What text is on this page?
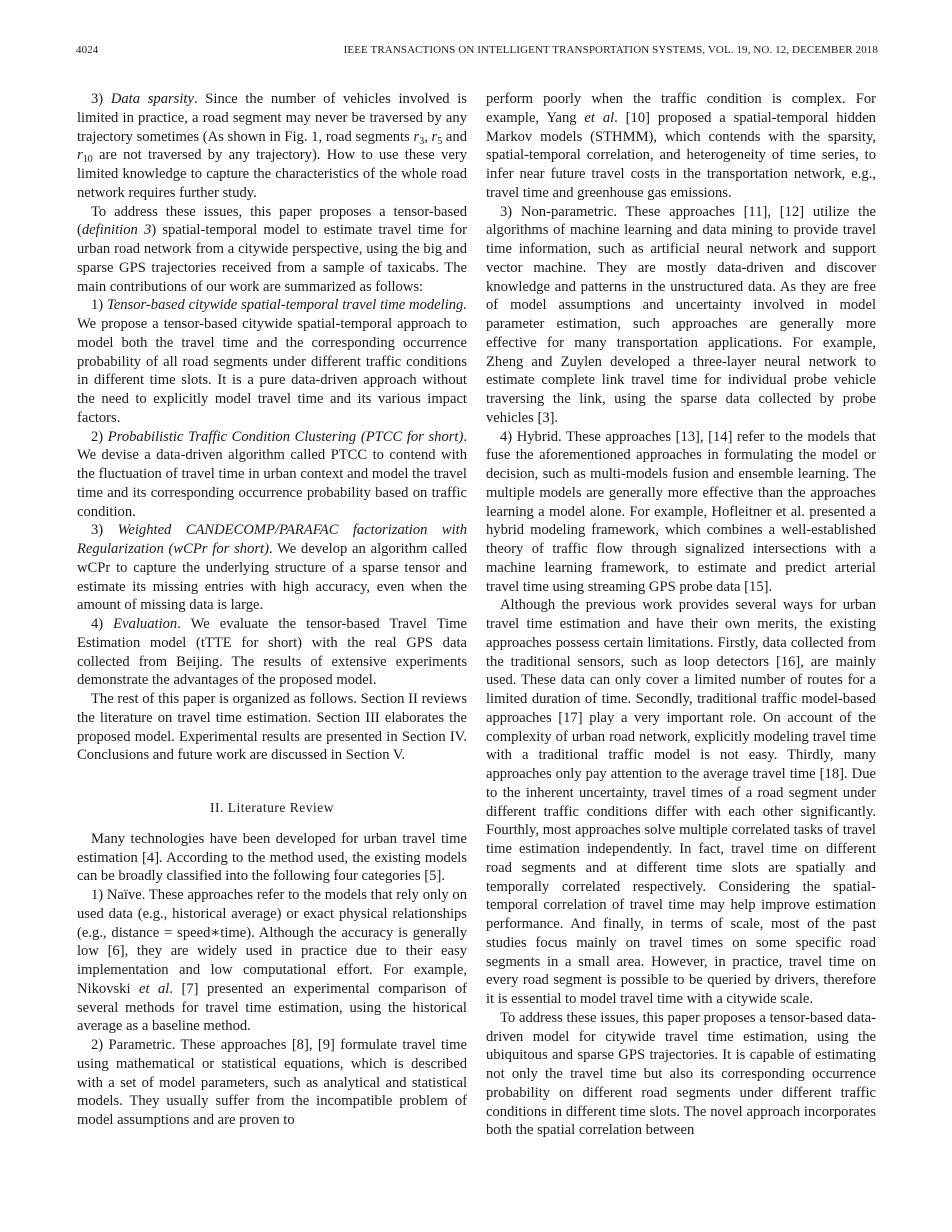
4024	IEEE TRANSACTIONS ON INTELLIGENT TRANSPORTATION SYSTEMS, VOL. 19, NO. 12, DECEMBER 2018

3) Data sparsity. Since the number of vehicles involved is limited in practice, a road segment may never be traversed by any trajectory sometimes (As shown in Fig. 1, road segments $r_3$, $r_5$ and $r_{10}$ are not traversed by any trajectory). How to use these very limited knowledge to capture the characteristics of the whole road network requires further study.

To address these issues, this paper proposes a tensor-based (definition 3) spatial-temporal model to estimate travel time for urban road network from a citywide perspective, using the big and sparse GPS trajectories received from a sample of taxicabs. The main contributions of our work are summarized as follows:

1) Tensor-based citywide spatial-temporal travel time modeling. We propose a tensor-based citywide spatial-temporal approach to model both the travel time and the corresponding occurrence probability of all road segments under different traffic conditions in different time slots. It is a pure data-driven approach without the need to explicitly model travel time and its various impact factors.

2) Probabilistic Traffic Condition Clustering (PTCC for short). We devise a data-driven algorithm called PTCC to contend with the fluctuation of travel time in urban context and model the travel time and its corresponding occurrence probability based on traffic condition.

3) Weighted CANDECOMP/PARAFAC factorization with Regularization (wCPr for short). We develop an algorithm called wCPr to capture the underlying structure of a sparse tensor and estimate its missing entries with high accuracy, even when the amount of missing data is large.

4) Evaluation. We evaluate the tensor-based Travel Time Estimation model (tTTE for short) with the real GPS data collected from Beijing. The results of extensive experiments demonstrate the advantages of the proposed model.

The rest of this paper is organized as follows. Section II reviews the literature on travel time estimation. Section III elaborates the proposed model. Experimental results are presented in Section IV. Conclusions and future work are discussed in Section V.

II. Literature Review

Many technologies have been developed for urban travel time estimation [4]. According to the method used, the existing models can be broadly classified into the following four categories [5].

1) Naïve. These approaches refer to the models that rely only on used data (e.g., historical average) or exact physical relationships (e.g., distance = speed∗time). Although the accuracy is generally low [6], they are widely used in practice due to their easy implementation and low computational effort. For example, Nikovski et al. [7] presented an experimental comparison of several methods for travel time estimation, using the historical average as a baseline method.

2) Parametric. These approaches [8], [9] formulate travel time using mathematical or statistical equations, which is described with a set of model parameters, such as analytical and statistical models. They usually suffer from the incompatible problem of model assumptions and are proven to

perform poorly when the traffic condition is complex. For example, Yang et al. [10] proposed a spatial-temporal hidden Markov models (STHMM), which contends with the sparsity, spatial-temporal correlation, and heterogeneity of time series, to infer near future travel costs in the transportation network, e.g., travel time and greenhouse gas emissions.

3) Non-parametric. These approaches [11], [12] utilize the algorithms of machine learning and data mining to provide travel time information, such as artificial neural network and support vector machine. They are mostly data-driven and discover knowledge and patterns in the unstructured data. As they are free of model assumptions and uncertainty involved in model parameter estimation, such approaches are generally more effective for many transportation applications. For example, Zheng and Zuylen developed a three-layer neural network to estimate complete link travel time for individual probe vehicle traversing the link, using the sparse data collected by probe vehicles [3].

4) Hybrid. These approaches [13], [14] refer to the models that fuse the aforementioned approaches in formulating the model or decision, such as multi-models fusion and ensemble learning. The multiple models are generally more effective than the approaches learning a model alone. For example, Hofleitner et al. presented a hybrid modeling framework, which combines a well-established theory of traffic flow through signalized intersections with a machine learning framework, to estimate and predict arterial travel time using streaming GPS probe data [15].

Although the previous work provides several ways for urban travel time estimation and have their own merits, the existing approaches possess certain limitations. Firstly, data collected from the traditional sensors, such as loop detectors [16], are mainly used. These data can only cover a limited number of routes for a limited duration of time. Secondly, traditional traffic model-based approaches [17] play a very important role. On account of the complexity of urban road network, explicitly modeling travel time with a traditional traffic model is not easy. Thirdly, many approaches only pay attention to the average travel time [18]. Due to the inherent uncertainty, travel times of a road segment under different traffic conditions differ with each other significantly. Fourthly, most approaches solve multiple correlated tasks of travel time estimation independently. In fact, travel time on different road segments and at different time slots are spatially and temporally correlated respectively. Considering the spatial-temporal correlation of travel time may help improve estimation performance. And finally, in terms of scale, most of the past studies focus mainly on travel times on some specific road segments in a small area. However, in practice, travel time on every road segment is possible to be queried by drivers, therefore it is essential to model travel time with a citywide scale.

To address these issues, this paper proposes a tensor-based data-driven model for citywide travel time estimation, using the ubiquitous and sparse GPS trajectories. It is capable of estimating not only the travel time but also its corresponding occurrence probability on different road segments under different traffic conditions in different time slots. The novel approach incorporates both the spatial correlation between
